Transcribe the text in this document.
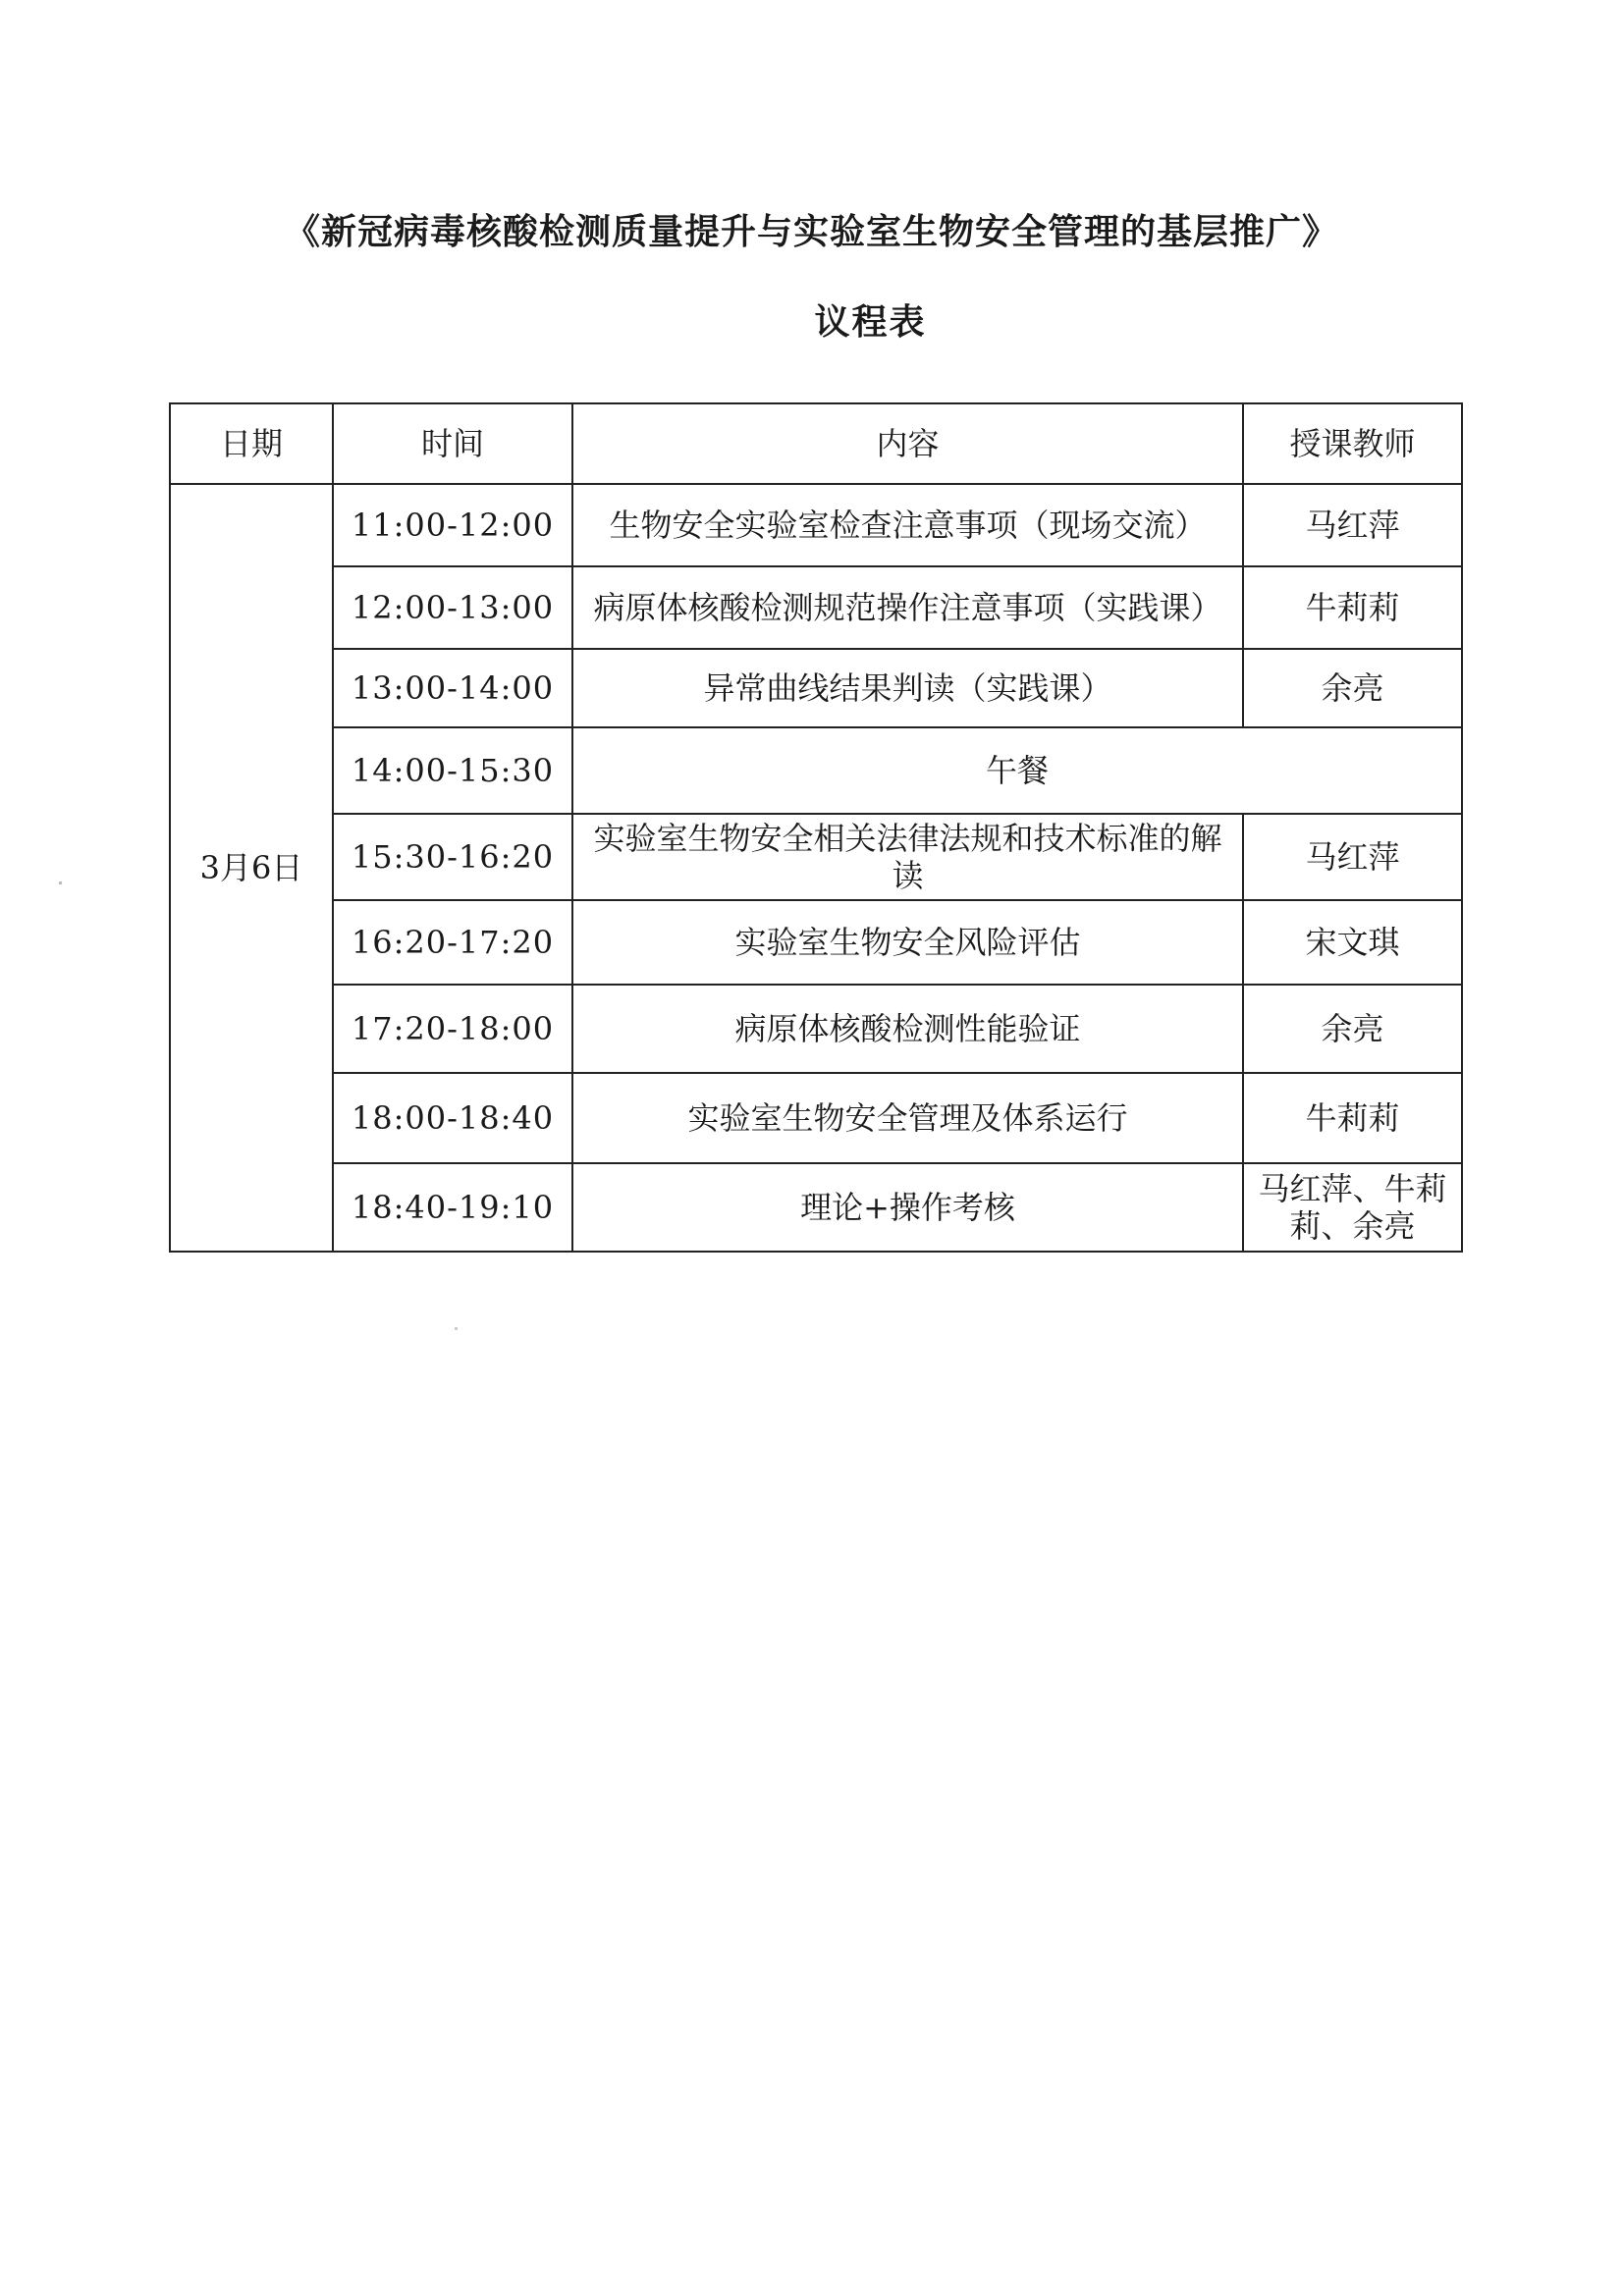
《新冠病毒核酸检测质量提升与实验室生物安全管理的基层推广》
议程表
日期	时间	内容	授课教师
3月6日	11:00-12:00	生物安全实验室检查注意事项（现场交流）	马红萍
	12:00-13:00	病原体核酸检测规范操作注意事项（实践课）	牛莉莉
	13:00-14:00	异常曲线结果判读（实践课）	余亮
	14:00-15:30	午餐	
	15:30-16:20	实验室生物安全相关法律法规和技术标准的解读	马红萍
	16:20-17:20	实验室生物安全风险评估	宋文琪
	17:20-18:00	病原体核酸检测性能验证	余亮
	18:00-18:40	实验室生物安全管理及体系运行	牛莉莉
	18:40-19:10	理论+操作考核	马红萍、牛莉莉、余亮
